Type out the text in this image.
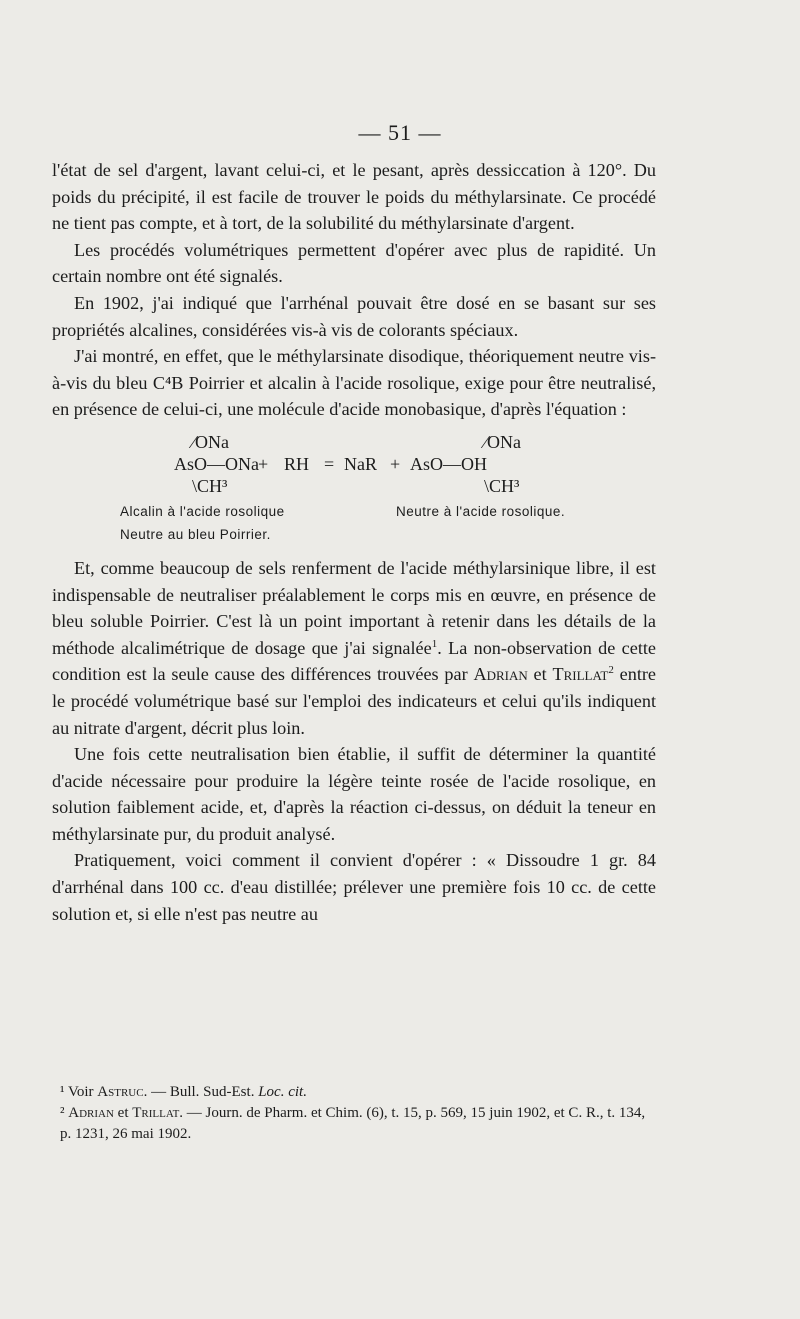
— 51 —

l'état de sel d'argent, lavant celui-ci, et le pesant, après dessiccation à 120°. Du poids du précipité, il est facile de trouver le poids du méthylarsinate. Ce procédé ne tient pas compte, et à tort, de la solubilité du méthylarsinate d'argent.

Les procédés volumétriques permettent d'opérer avec plus de rapidité. Un certain nombre ont été signalés.

En 1902, j'ai indiqué que l'arrhénal pouvait être dosé en se basant sur ses propriétés alcalines, considérées vis-à vis de colorants spéciaux.

J'ai montré, en effet, que le méthylarsinate disodique, théoriquement neutre vis-à-vis du bleu C⁴B Poirrier et alcalin à l'acide rosolique, exige pour être neutralisé, en présence de celui-ci, une molécule d'acide monobasique, d'après l'équation :

⁄ONa
AsO—ONa
\CH³
+ RH = NaR +
⁄ONa
AsO—OH
\CH³
Alcalin à l'acide rosolique
Neutre au bleu Poirrier.
Neutre à l'acide rosolique.

Et, comme beaucoup de sels renferment de l'acide méthylarsinique libre, il est indispensable de neutraliser préalablement le corps mis en œuvre, en présence de bleu soluble Poirrier. C'est là un point important à retenir dans les détails de la méthode alcalimétrique de dosage que j'ai signalée$^1$. La non-observation de cette condition est la seule cause des différences trouvées par Adrian et Trillat$^2$ entre le procédé volumétrique basé sur l'emploi des indicateurs et celui qu'ils indiquent au nitrate d'argent, décrit plus loin.

Une fois cette neutralisation bien établie, il suffit de déterminer la quantité d'acide nécessaire pour produire la légère teinte rosée de l'acide rosolique, en solution faiblement acide, et, d'après la réaction ci-dessus, on déduit la teneur en méthylarsinate pur, du produit analysé.

Pratiquement, voici comment il convient d'opérer : « Dissoudre 1 gr. 84 d'arrhénal dans 100 cc. d'eau distillée; prélever une première fois 10 cc. de cette solution et, si elle n'est pas neutre au

¹ Voir Astruc. — Bull. Sud-Est. Loc. cit.

² Adrian et Trillat. — Journ. de Pharm. et Chim. (6), t. 15, p. 569, 15 juin 1902, et C. R., t. 134, p. 1231, 26 mai 1902.
